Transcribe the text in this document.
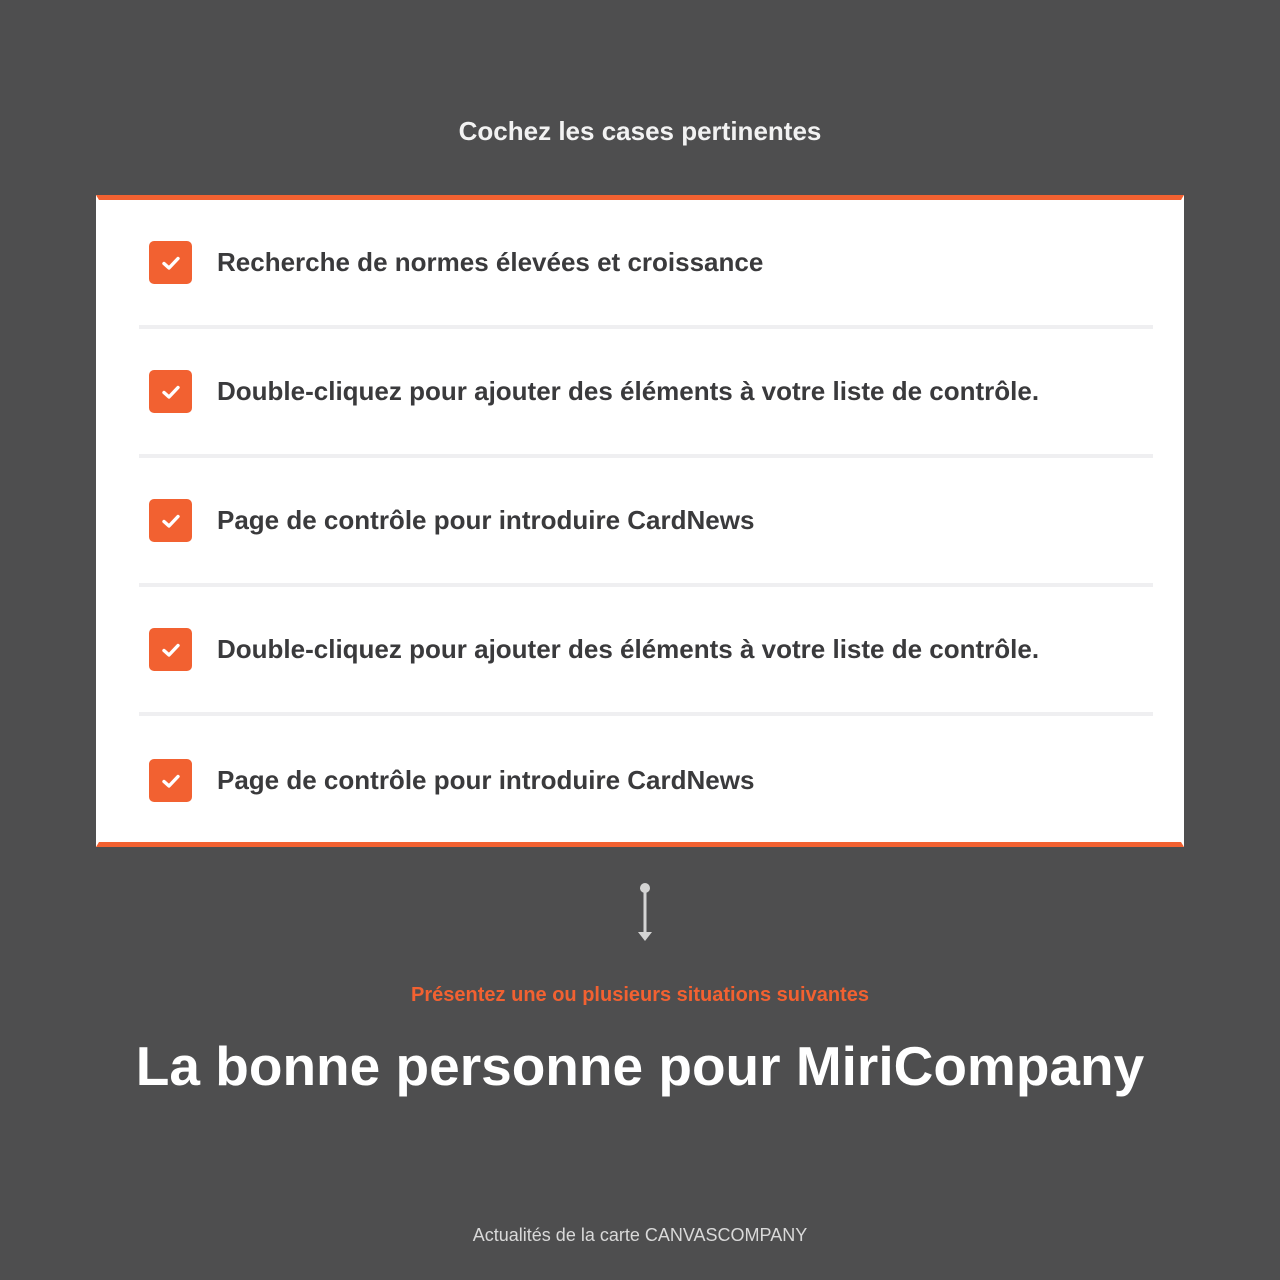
Cochez les cases pertinentes
Recherche de normes élevées et croissance
Double-cliquez pour ajouter des éléments à votre liste de contrôle.
Page de contrôle pour introduire CardNews
Double-cliquez pour ajouter des éléments à votre liste de contrôle.
Page de contrôle pour introduire CardNews
Présentez une ou plusieurs situations suivantes
La bonne personne pour MiriCompany
Actualités de la carte CANVASCOMPANY
